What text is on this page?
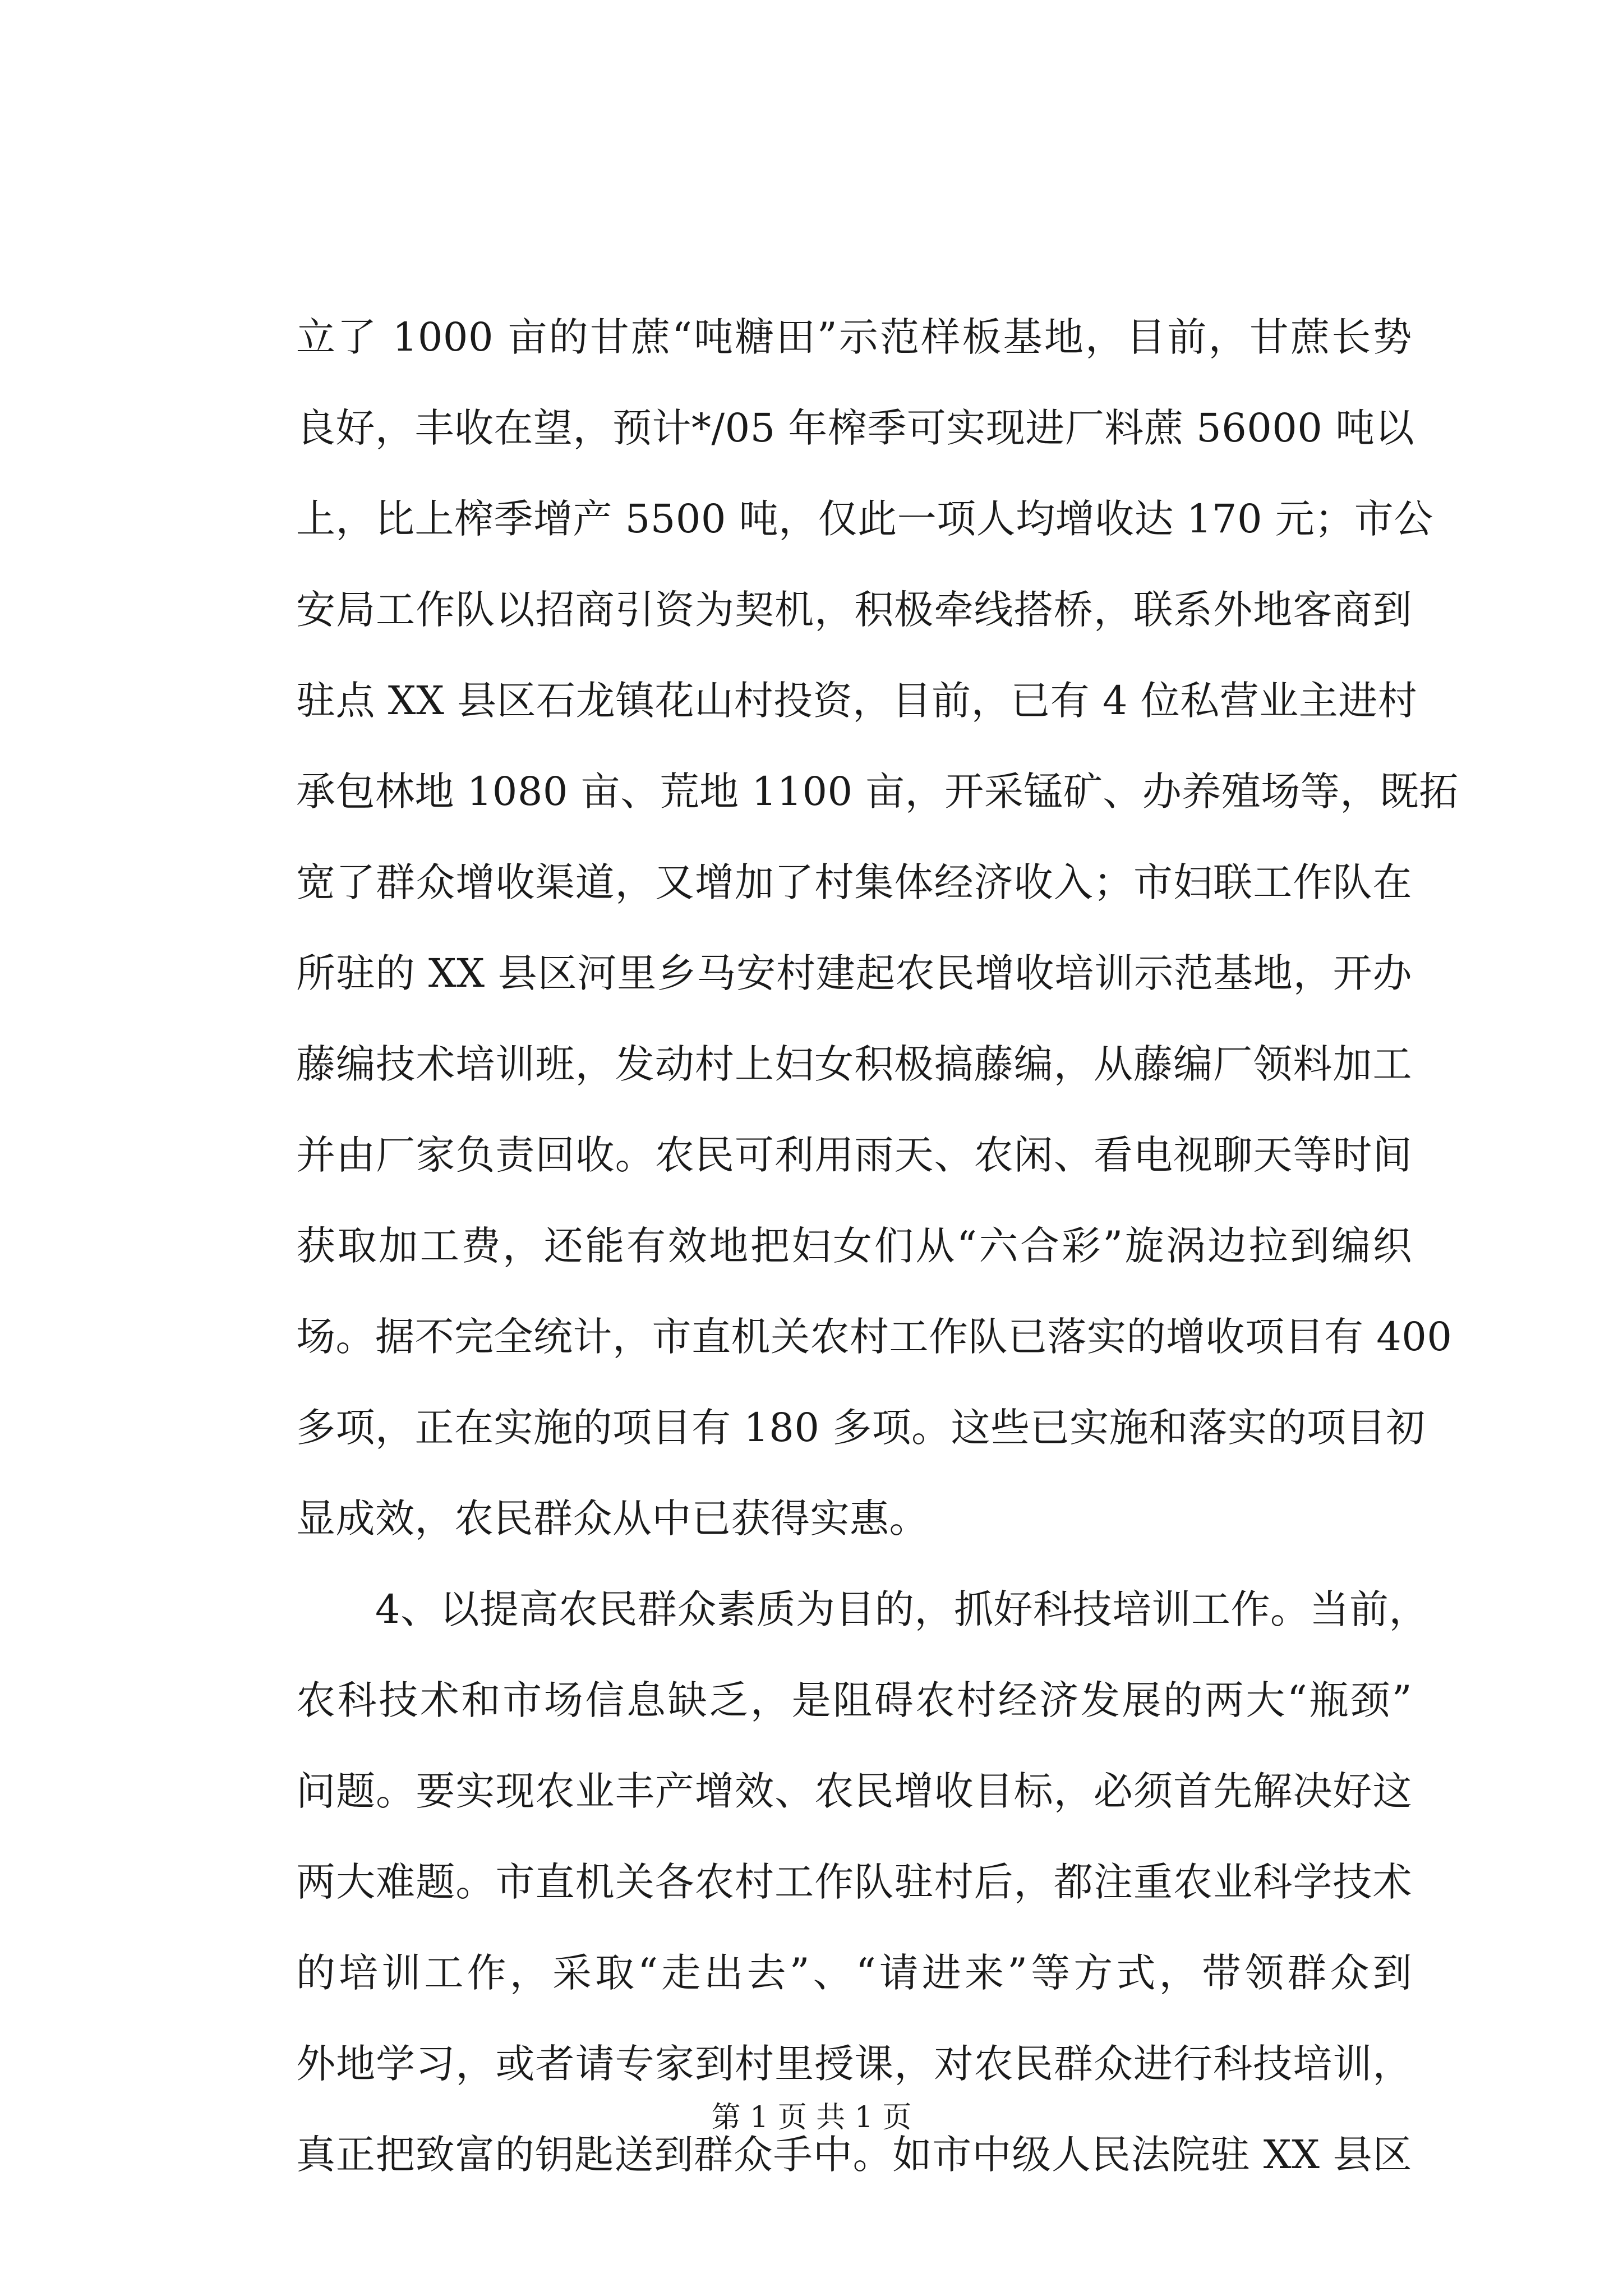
立了 1000 亩的甘蔗“吨糖田”示范样板基地，目前，甘蔗长势
良好，丰收在望，预计*/05 年榨季可实现进厂料蔗 56000 吨以
上，比上榨季增产 5500 吨，仅此一项人均增收达 170 元；市公
安局工作队以招商引资为契机，积极牵线搭桥，联系外地客商到
驻点 XX 县区石龙镇花山村投资，目前，已有 4 位私营业主进村
承包林地 1080 亩、荒地 1100 亩，开采锰矿、办养殖场等，既拓
宽了群众增收渠道，又增加了村集体经济收入；市妇联工作队在
所驻的 XX 县区河里乡马安村建起农民增收培训示范基地，开办
藤编技术培训班，发动村上妇女积极搞藤编，从藤编厂领料加工
并由厂家负责回收。农民可利用雨天、农闲、看电视聊天等时间
获取加工费，还能有效地把妇女们从“六合彩”旋涡边拉到编织
场。据不完全统计，市直机关农村工作队已落实的增收项目有 400
多项，正在实施的项目有 180 多项。这些已实施和落实的项目初
显成效，农民群众从中已获得实惠。
　　4、以提高农民群众素质为目的，抓好科技培训工作。当前，
农科技术和市场信息缺乏，是阻碍农村经济发展的两大“瓶颈”
问题。要实现农业丰产增效、农民增收目标，必须首先解决好这
两大难题。市直机关各农村工作队驻村后，都注重农业科学技术
的培训工作，采取“走出去”、“请进来”等方式，带领群众到
外地学习，或者请专家到村里授课，对农民群众进行科技培训，
真正把致富的钥匙送到群众手中。如市中级人民法院驻 XX 县区
第 1 页 共 1 页
